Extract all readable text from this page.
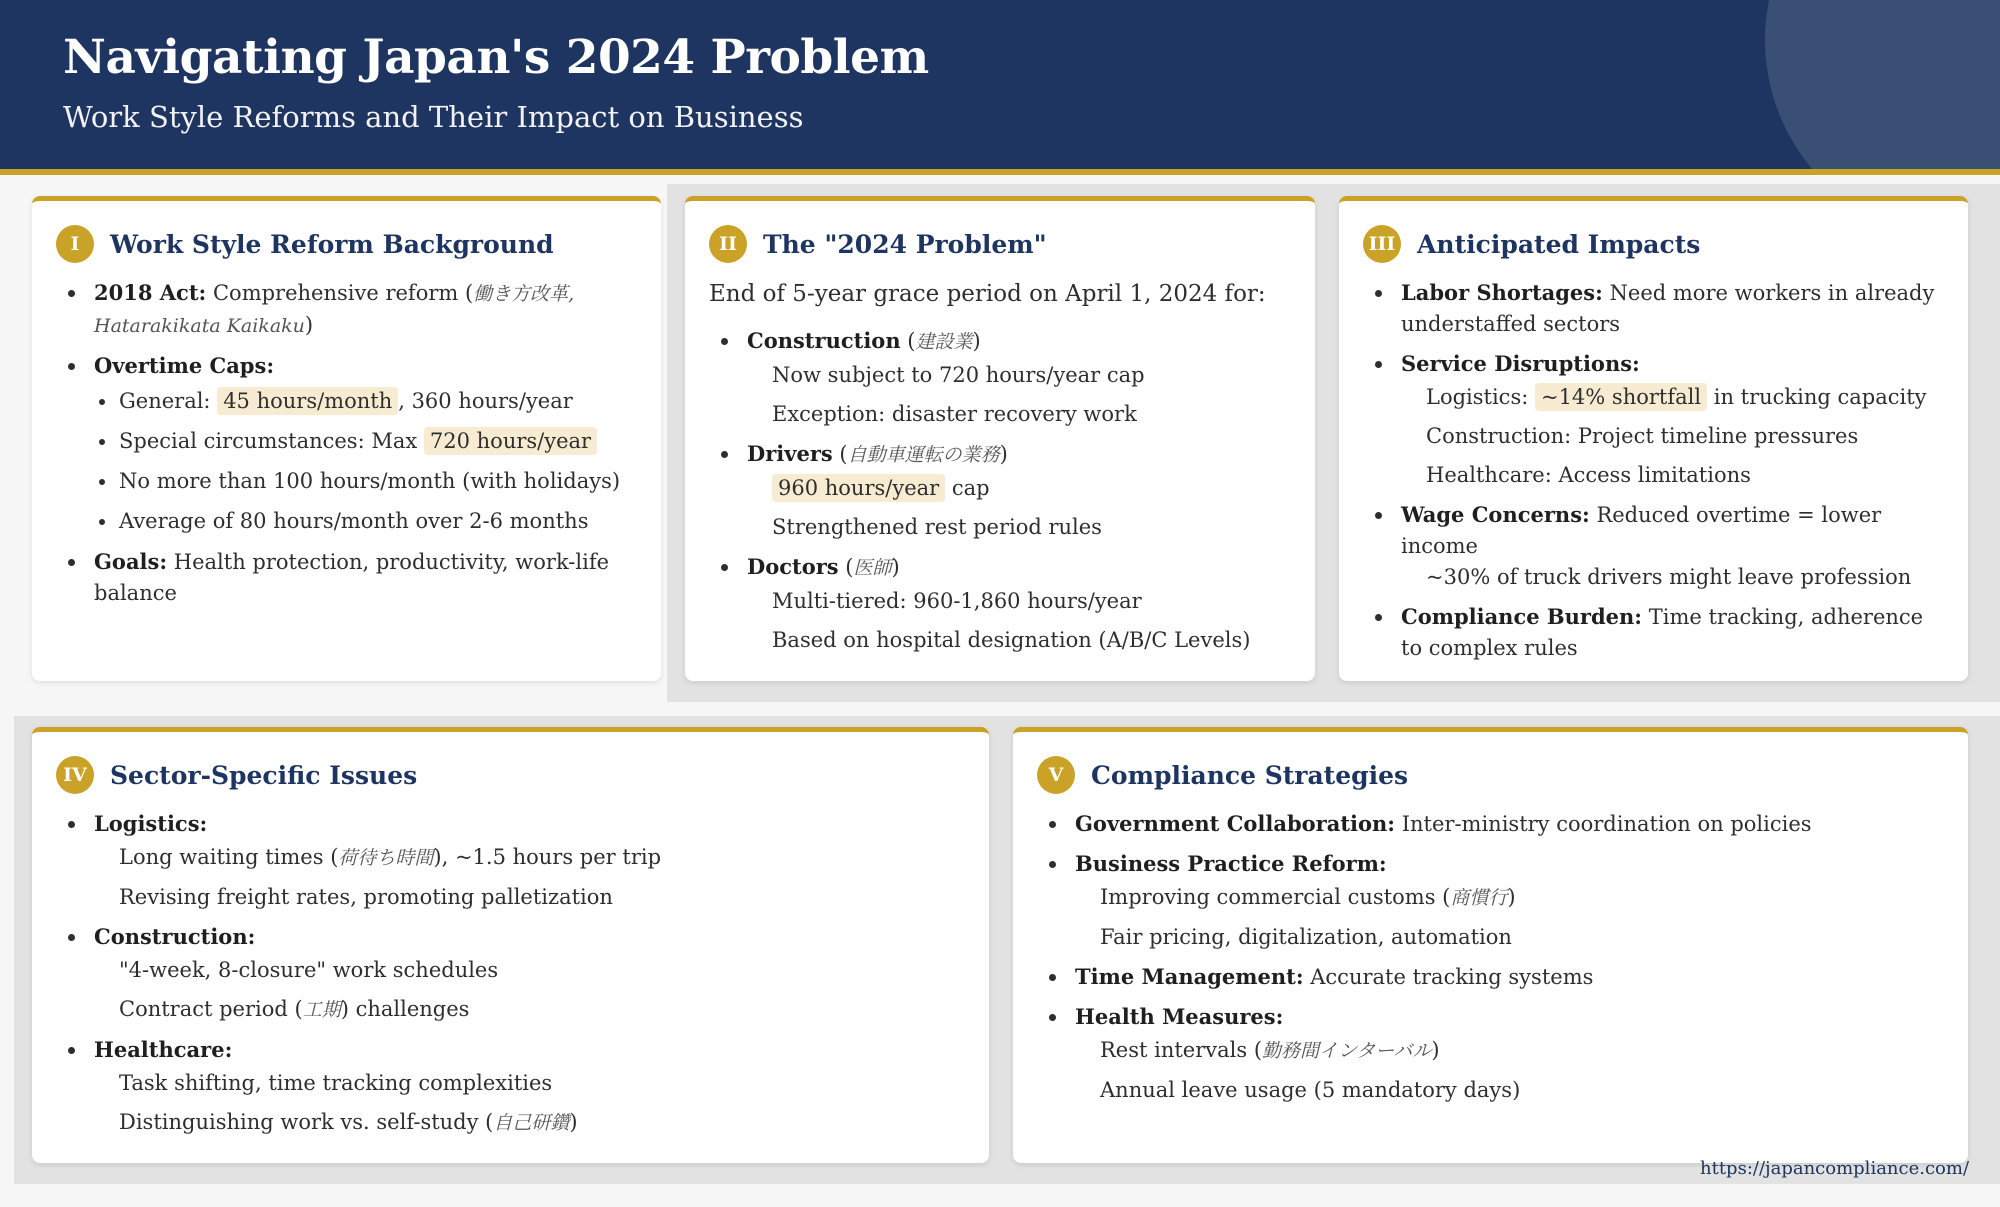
Navigating Japan's 2024 Problem
Work Style Reforms and Their Impact on Business
I	Work Style Reform Background
2018 Act: Comprehensive reform (働き方改革, Hatarakikata Kaikaku)
Overtime Caps:
General: 45 hours/month , 360 hours/year
Special circumstances: Max 720 hours/year
No more than 100 hours/month (with holidays)
Average of 80 hours/month over 2-6 months
Goals: Health protection, productivity, work-life balance
II	The "2024 Problem"
End of 5-year grace period on April 1, 2024 for:
Construction (建設業)
Now subject to 720 hours/year cap
Exception: disaster recovery work
Drivers (自動車運転の業務)
960 hours/year cap
Strengthened rest period rules
Doctors (医師)
Multi-tiered: 960-1,860 hours/year
Based on hospital designation (A/B/C Levels)
III Anticipated Impacts
Labor Shortages: Need more workers in already understaffed sectors
Service Disruptions:
Logistics: ~14% shortfall in trucking capacity
Construction: Project timeline pressures
Healthcare: Access limitations
Wage Concerns: Reduced overtime = lower income
~30% of truck drivers might leave profession
Compliance Burden: Time tracking, adherence to complex rules
IV Sector-Specific Issues
Logistics:
Long waiting times (荷待ち時間), ~1.5 hours per trip
Revising freight rates, promoting palletization
Construction:
"4-week, 8-closure" work schedules
Contract period (工期) challenges
Healthcare:
Task shifting, time tracking complexities
Distinguishing work vs. self-study (自己研鑽)
V	Compliance Strategies
Government Collaboration: Inter-ministry coordination on policies
Business Practice Reform:
Improving commercial customs (商慣行)
Fair pricing, digitalization, automation
Time Management: Accurate tracking systems
Health Measures:
Rest intervals (勤務間インターバル)
Annual leave usage (5 mandatory days)
https://japancompliance.com/
